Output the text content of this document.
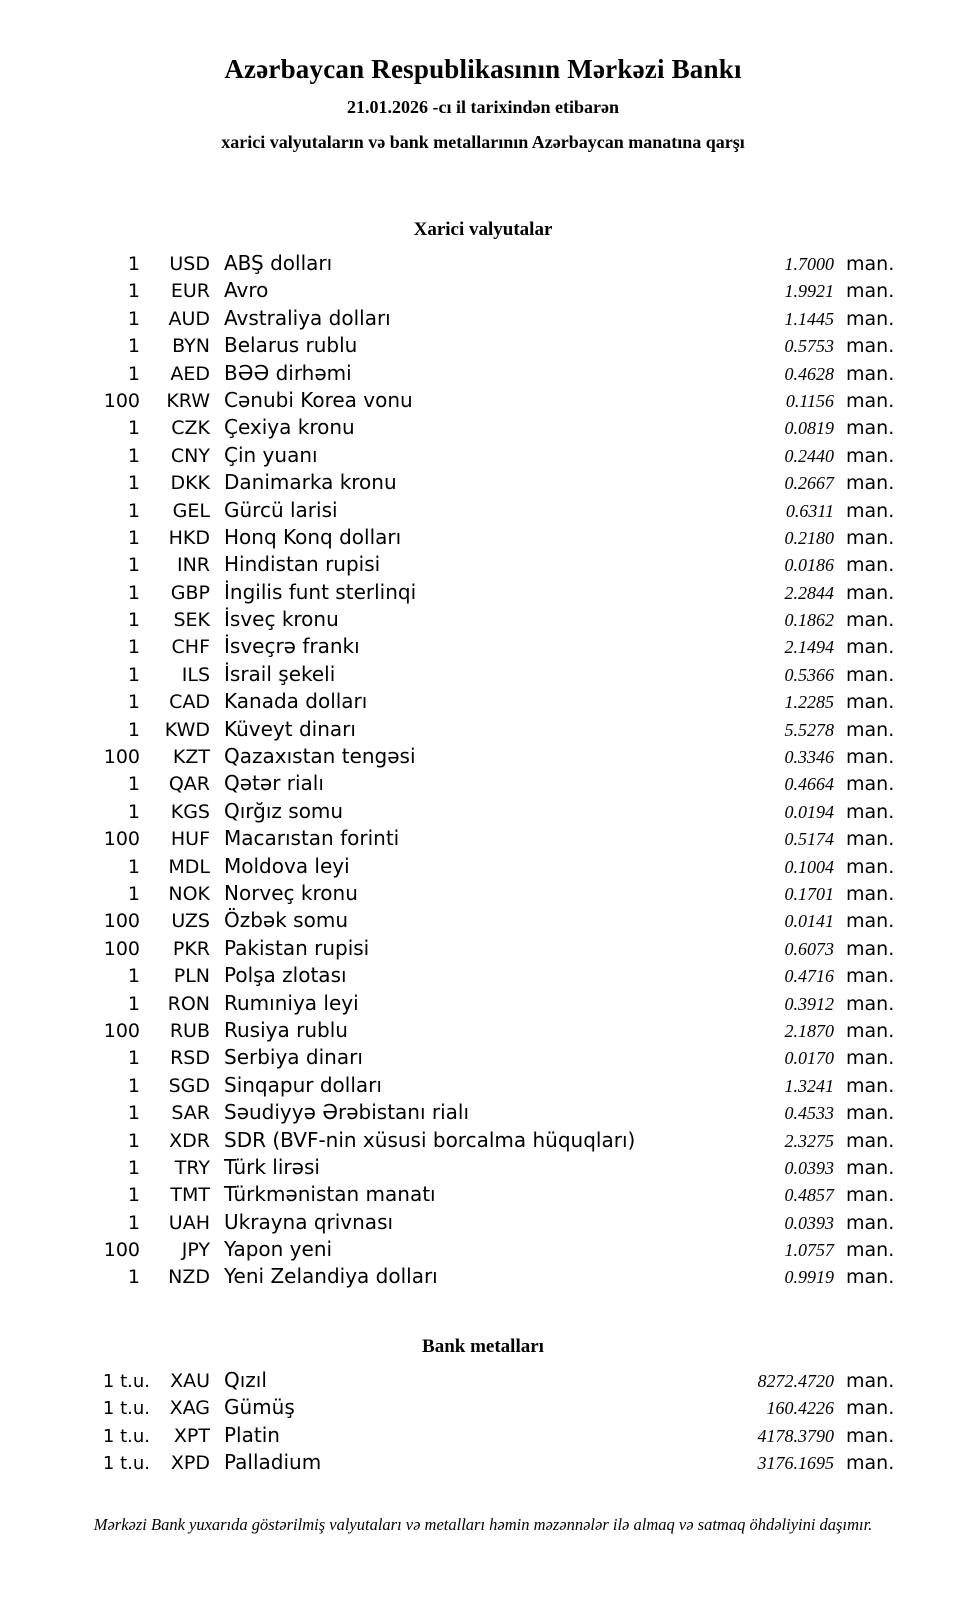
Azərbaycan Respublikasının Mərkəzi Bankı
21.01.2026 -cı il tarixindən etibarən
xarici valyutaların və bank metallarının Azərbaycan manatına qarşı
Xarici valyutalar
1	USD	ABŞ dolları	1.7000	man.
1	EUR	Avro	1.9921	man.
1	AUD	Avstraliya dolları	1.1445	man.
1	BYN	Belarus rublu	0.5753	man.
1	AED	BƏƏ dirhəmi	0.4628	man.
100	KRW	Cənubi Korea vonu	0.1156	man.
1	CZK	Çexiya kronu	0.0819	man.
1	CNY	Çin yuanı	0.2440	man.
1	DKK	Danimarka kronu	0.2667	man.
1	GEL	Gürcü larisi	0.6311	man.
1	HKD	Honq Konq dolları	0.2180	man.
1	INR	Hindistan rupisi	0.0186	man.
1	GBP	İngilis funt sterlinqi	2.2844	man.
1	SEK	İsveç kronu	0.1862	man.
1	CHF	İsveçrə frankı	2.1494	man.
1	ILS	İsrail şekeli	0.5366	man.
1	CAD	Kanada dolları	1.2285	man.
1	KWD	Küveyt dinarı	5.5278	man.
100	KZT	Qazaxıstan tengəsi	0.3346	man.
1	QAR	Qətər rialı	0.4664	man.
1	KGS	Qırğız somu	0.0194	man.
100	HUF	Macarıstan forinti	0.5174	man.
1	MDL	Moldova leyi	0.1004	man.
1	NOK	Norveç kronu	0.1701	man.
100	UZS	Özbək somu	0.0141	man.
100	PKR	Pakistan rupisi	0.6073	man.
1	PLN	Polşa zlotası	0.4716	man.
1	RON	Rumıniya leyi	0.3912	man.
100	RUB	Rusiya rublu	2.1870	man.
1	RSD	Serbiya dinarı	0.0170	man.
1	SGD	Sinqapur dolları	1.3241	man.
1	SAR	Səudiyyə Ərəbistanı rialı	0.4533	man.
1	XDR	SDR (BVF-nin xüsusi borcalma hüquqları)	2.3275	man.
1	TRY	Türk lirəsi	0.0393	man.
1	TMT	Türkmənistan manatı	0.4857	man.
1	UAH	Ukrayna qrivnası	0.0393	man.
100	JPY	Yapon yeni	1.0757	man.
1	NZD	Yeni Zelandiya dolları	0.9919	man.
Bank metalları
1 t.u.	XAU	Qızıl	8272.4720	man.
1 t.u.	XAG	Gümüş	160.4226	man.
1 t.u.	XPT	Platin	4178.3790	man.
1 t.u.	XPD	Palladium	3176.1695	man.
Mərkəzi Bank yuxarıda göstərilmiş valyutaları və metalları həmin məzənnələr ilə almaq və satmaq öhdəliyini daşımır.
